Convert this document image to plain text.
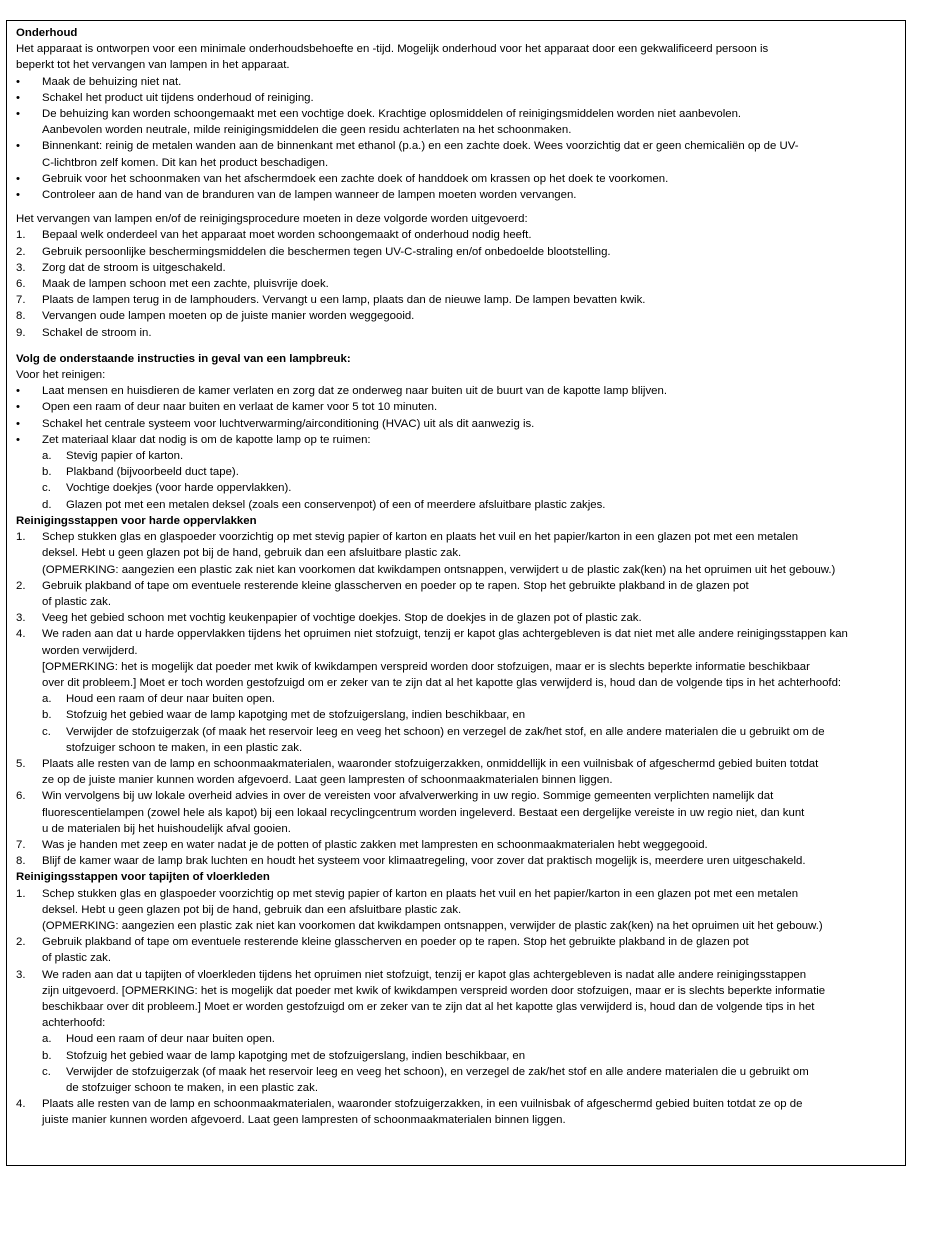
Onderhoud
Het apparaat is ontworpen voor een minimale onderhoudsbehoefte en -tijd. Mogelijk onderhoud voor het apparaat door een gekwalificeerd persoon is
beperkt tot het vervangen van lampen in het apparaat.
•	Maak de behuizing niet nat.
•	Schakel het product uit tijdens onderhoud of reiniging.
•	De behuizing kan worden schoongemaakt met een vochtige doek. Krachtige oplosmiddelen of reinigingsmiddelen worden niet aanbevolen.
Aanbevolen worden neutrale, milde reinigingsmiddelen die geen residu achterlaten na het schoonmaken.
•	Binnenkant: reinig de metalen wanden aan de binnenkant met ethanol (p.a.) en een zachte doek. Wees voorzichtig dat er geen chemicaliën op de UV-
C-lichtbron zelf komen. Dit kan het product beschadigen.
•	Gebruik voor het schoonmaken van het afschermdoek een zachte doek of handdoek om krassen op het doek te voorkomen.
•	Controleer aan de hand van de branduren van de lampen wanneer de lampen moeten worden vervangen.
Het vervangen van lampen en/of de reinigingsprocedure moeten in deze volgorde worden uitgevoerd:
1.	Bepaal welk onderdeel van het apparaat moet worden schoongemaakt of onderhoud nodig heeft.
2.	Gebruik persoonlijke beschermingsmiddelen die beschermen tegen UV-C-straling en/of onbedoelde blootstelling.
3.	Zorg dat de stroom is uitgeschakeld.
6.	Maak de lampen schoon met een zachte, pluisvrije doek.
7.	Plaats de lampen terug in de lamphouders. Vervangt u een lamp, plaats dan de nieuwe lamp. De lampen bevatten kwik.
8.	Vervangen oude lampen moeten op de juiste manier worden weggegooid.
9.	Schakel de stroom in.
Volg de onderstaande instructies in geval van een lampbreuk:
Voor het reinigen:
•	Laat mensen en huisdieren de kamer verlaten en zorg dat ze onderweg naar buiten uit de buurt van de kapotte lamp blijven.
•	Open een raam of deur naar buiten en verlaat de kamer voor 5 tot 10 minuten.
•	Schakel het centrale systeem voor luchtverwarming/airconditioning (HVAC) uit als dit aanwezig is.
•	Zet materiaal klaar dat nodig is om de kapotte lamp op te ruimen:
a.	Stevig papier of karton.
b.	Plakband (bijvoorbeeld duct tape).
c.	Vochtige doekjes (voor harde oppervlakken).
d.	Glazen pot met een metalen deksel (zoals een conservenpot) of een of meerdere afsluitbare plastic zakjes.
Reinigingsstappen voor harde oppervlakken
1.	Schep stukken glas en glaspoeder voorzichtig op met stevig papier of karton en plaats het vuil en het papier/karton in een glazen pot met een metalen
deksel. Hebt u geen glazen pot bij de hand, gebruik dan een afsluitbare plastic zak.
(OPMERKING: aangezien een plastic zak niet kan voorkomen dat kwikdampen ontsnappen, verwijdert u de plastic zak(ken) na het opruimen uit het gebouw.)
2.	Gebruik plakband of tape om eventuele resterende kleine glasscherven en poeder op te rapen. Stop het gebruikte plakband in de glazen pot
of plastic zak.
3.	Veeg het gebied schoon met vochtig keukenpapier of vochtige doekjes. Stop de doekjes in de glazen pot of plastic zak.
4.	We raden aan dat u harde oppervlakken tijdens het opruimen niet stofzuigt, tenzij er kapot glas achtergebleven is dat niet met alle andere reinigingsstappen kan
worden verwijderd.
[OPMERKING: het is mogelijk dat poeder met kwik of kwikdampen verspreid worden door stofzuigen, maar er is slechts beperkte informatie beschikbaar
over dit probleem.] Moet er toch worden gestofzuigd om er zeker van te zijn dat al het kapotte glas verwijderd is, houd dan de volgende tips in het achterhoofd:
a.	Houd een raam of deur naar buiten open.
b.	Stofzuig het gebied waar de lamp kapotging met de stofzuigerslang, indien beschikbaar, en
c.	Verwijder de stofzuigerzak (of maak het reservoir leeg en veeg het schoon) en verzegel de zak/het stof, en alle andere materialen die u gebruikt om de
stofzuiger schoon te maken, in een plastic zak.
5.	Plaats alle resten van de lamp en schoonmaakmaterialen, waaronder stofzuigerzakken, onmiddellijk in een vuilnisbak of afgeschermd gebied buiten totdat
ze op de juiste manier kunnen worden afgevoerd. Laat geen lampresten of schoonmaakmaterialen binnen liggen.
6.	Win vervolgens bij uw lokale overheid advies in over de vereisten voor afvalverwerking in uw regio. Sommige gemeenten verplichten namelijk dat
fluorescentielampen (zowel hele als kapot) bij een lokaal recyclingcentrum worden ingeleverd. Bestaat een dergelijke vereiste in uw regio niet, dan kunt
u de materialen bij het huishoudelijk afval gooien.
7.	Was je handen met zeep en water nadat je de potten of plastic zakken met lampresten en schoonmaakmaterialen hebt weggegooid.
8.	Blijf de kamer waar de lamp brak luchten en houdt het systeem voor klimaatregeling, voor zover dat praktisch mogelijk is, meerdere uren uitgeschakeld.
Reinigingsstappen voor tapijten of vloerkleden
1.	Schep stukken glas en glaspoeder voorzichtig op met stevig papier of karton en plaats het vuil en het papier/karton in een glazen pot met een metalen
deksel. Hebt u geen glazen pot bij de hand, gebruik dan een afsluitbare plastic zak.
(OPMERKING: aangezien een plastic zak niet kan voorkomen dat kwikdampen ontsnappen, verwijder de plastic zak(ken) na het opruimen uit het gebouw.)
2.	Gebruik plakband of tape om eventuele resterende kleine glasscherven en poeder op te rapen. Stop het gebruikte plakband in de glazen pot
of plastic zak.
3.	We raden aan dat u tapijten of vloerkleden tijdens het opruimen niet stofzuigt, tenzij er kapot glas achtergebleven is nadat alle andere reinigingsstappen
zijn uitgevoerd. [OPMERKING: het is mogelijk dat poeder met kwik of kwikdampen verspreid worden door stofzuigen, maar er is slechts beperkte informatie
beschikbaar over dit probleem.] Moet er worden gestofzuigd om er zeker van te zijn dat al het kapotte glas verwijderd is, houd dan de volgende tips in het
achterhoofd:
a.	Houd een raam of deur naar buiten open.
b.	Stofzuig het gebied waar de lamp kapotging met de stofzuigerslang, indien beschikbaar, en
c.	Verwijder de stofzuigerzak (of maak het reservoir leeg en veeg het schoon), en verzegel de zak/het stof en alle andere materialen die u gebruikt om
de stofzuiger schoon te maken, in een plastic zak.
4.	Plaats alle resten van de lamp en schoonmaakmaterialen, waaronder stofzuigerzakken, in een vuilnisbak of afgeschermd gebied buiten totdat ze op de
juiste manier kunnen worden afgevoerd. Laat geen lampresten of schoonmaakmaterialen binnen liggen.
